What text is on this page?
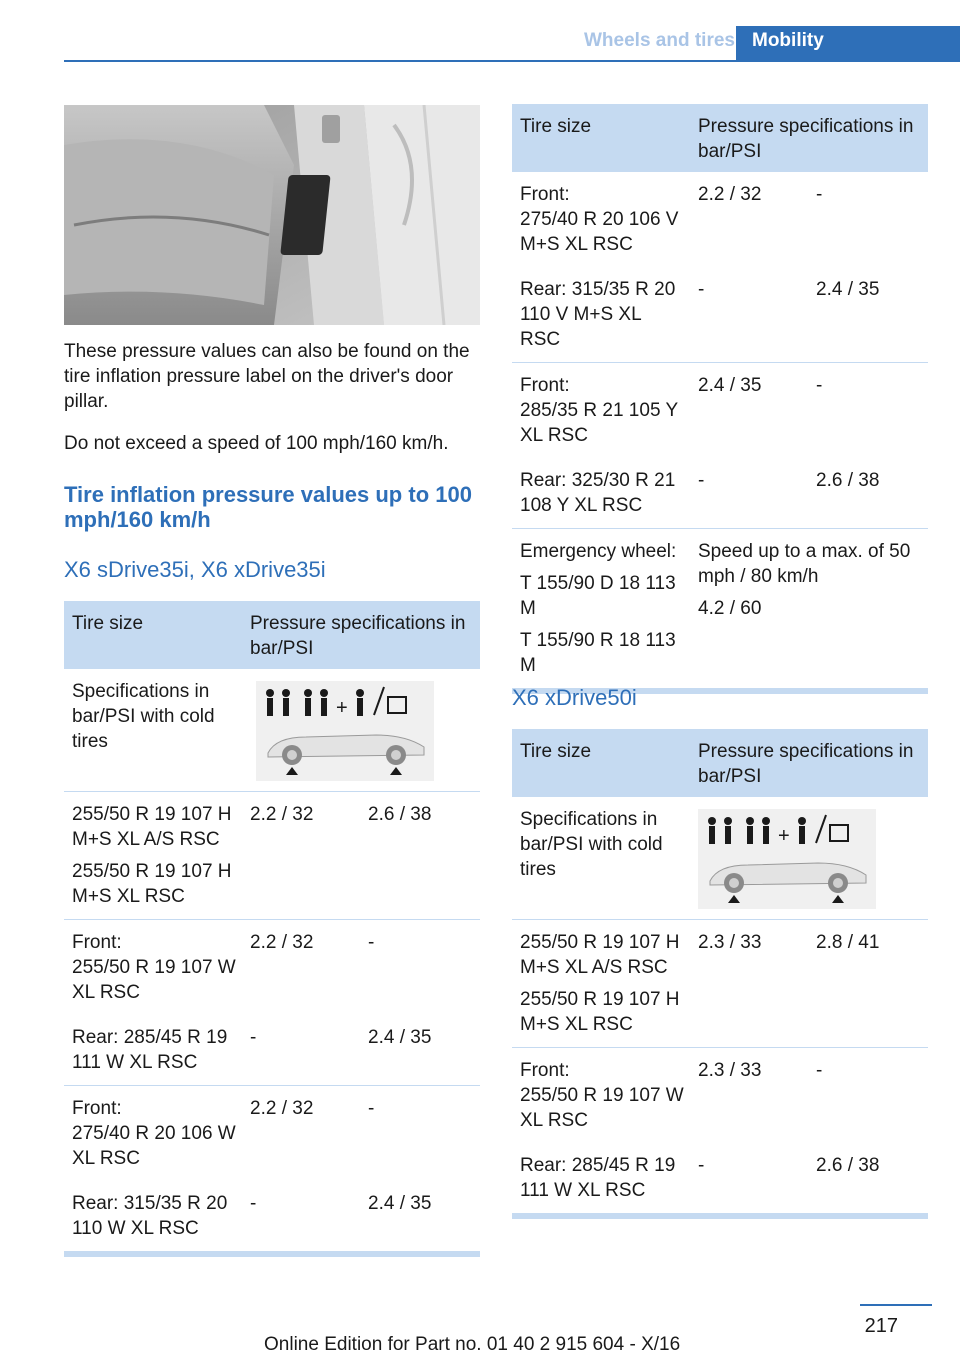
Wheels and tires Mobility
These pressure values can also be found on the tire inflation pressure label on the driver's door pillar.
Do not exceed a speed of 100 mph/160 km/h.
Tire inflation pressure values up to 100 mph/160 km/h
X6 sDrive35i, X6 xDrive35i
Tire size	Pressure specifications in bar/PSI
Specifications in bar/PSI with cold tires
+
255/50 R 19 107 H M+S XL A/S RSC
255/50 R 19 107 H M+S XL RSC
2.2 / 32	2.6 / 38
Front:
255/50 R 19 107 W XL RSC
2.2 / 32	-
Rear: 285/45 R 19 111 W XL RSC
-	2.4 / 35
Front:
275/40 R 20 106 W XL RSC
2.2 / 32	-
Rear: 315/35 R 20 110 W XL RSC
-	2.4 / 35
Tire size	Pressure specifications in bar/PSI
Front:
275/40 R 20 106 V M+S XL RSC
2.2 / 32	-
Rear: 315/35 R 20 110 V M+S XL RSC
-	2.4 / 35
Front:
285/35 R 21 105 Y XL RSC
2.4 / 35	-
Rear: 325/30 R 21 108 Y XL RSC
-	2.6 / 38
Emergency wheel:
T 155/90 D 18 113 M
T 155/90 R 18 113 M
Speed up to a max. of 50 mph / 80 km/h
4.2 / 60
X6 xDrive50i
Tire size	Pressure specifications in bar/PSI
Specifications in bar/PSI with cold tires
+
255/50 R 19 107 H M+S XL A/S RSC
255/50 R 19 107 H M+S XL RSC
2.3 / 33	2.8 / 41
Front:
255/50 R 19 107 W XL RSC
2.3 / 33	-
Rear: 285/45 R 19 111 W XL RSC
-	2.6 / 38
217
Online Edition for Part no. 01 40 2 915 604 - X/16
